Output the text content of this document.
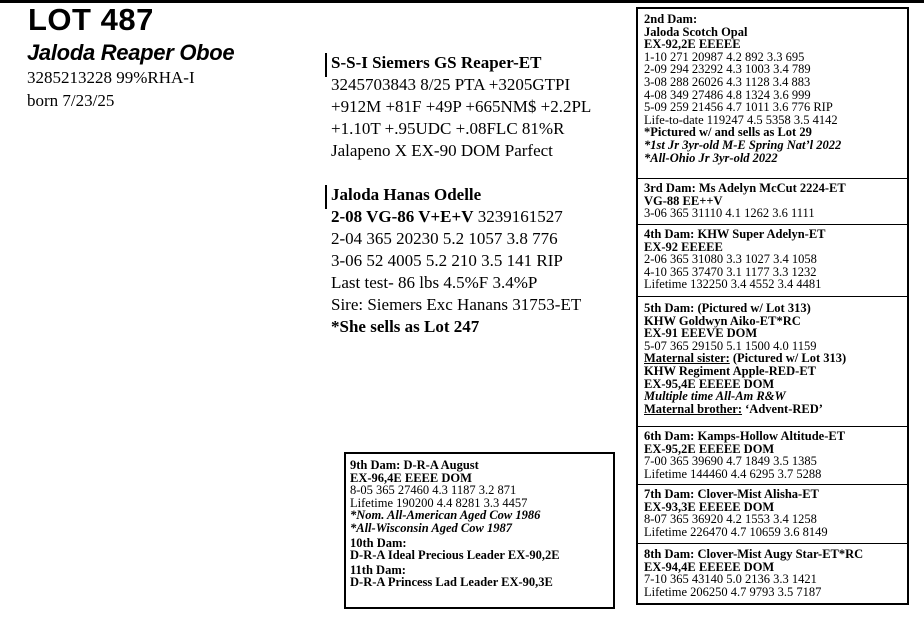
LOT 487
Jaloda Reaper Oboe
3285213228 99%RHA-I
born 7/23/25
S-S-I Siemers GS Reaper-ET
3245703843 8/25 PTA +3205GTPI
+912M +81F +49P +665NM$ +2.2PL
+1.10T +.95UDC +.08FLC 81%R
Jalapeno X EX-90 DOM Parfect
Jaloda Hanas Odelle
2-08 VG-86 V+E+V 3239161527
2-04 365 20230 5.2 1057 3.8 776
3-06 52 4005 5.2 210 3.5 141 RIP
Last test- 86 lbs 4.5%F 3.4%P
Sire: Siemers Exc Hanans 31753-ET
*She sells as Lot 247
2nd Dam:
Jaloda Scotch Opal
EX-92,2E EEEEE
1-10 271 20987 4.2 892 3.3 695
2-09 294 23292 4.3 1003 3.4 789
3-08 288 26026 4.3 1128 3.4 883
4-08 349 27486 4.8 1324 3.6 999
5-09 259 21456 4.7 1011 3.6 776 RIP
Life-to-date 119247 4.5 5358 3.5 4142
*Pictured w/ and sells as Lot 29
*1st Jr 3yr-old M-E Spring Nat’l 2022
*All-Ohio Jr 3yr-old 2022
3rd Dam: Ms Adelyn McCut 2224-ET
VG-88 EE++V
3-06 365 31110 4.1 1262 3.6 1111
4th Dam: KHW Super Adelyn-ET
EX-92 EEEEE
2-06 365 31080 3.3 1027 3.4 1058
4-10 365 37470 3.1 1177 3.3 1232
Lifetime 132250 3.4 4552 3.4 4481
5th Dam: (Pictured w/ Lot 313)
KHW Goldwyn Aiko-ET*RC
EX-91 EEEVE DOM
5-07 365 29150 5.1 1500 4.0 1159
Maternal sister: (Pictured w/ Lot 313)
KHW Regiment Apple-RED-ET
EX-95,4E EEEEE DOM
Multiple time All-Am R&W
Maternal brother: ‘Advent-RED’
6th Dam: Kamps-Hollow Altitude-ET
EX-95,2E EEEEE DOM
7-00 365 39690 4.7 1849 3.5 1385
Lifetime 144460 4.4 6295 3.7 5288
7th Dam: Clover-Mist Alisha-ET
EX-93,3E EEEEE DOM
8-07 365 36920 4.2 1553 3.4 1258
Lifetime 226470 4.7 10659 3.6 8149
8th Dam: Clover-Mist Augy Star-ET*RC
EX-94,4E EEEEE DOM
7-10 365 43140 5.0 2136 3.3 1421
Lifetime 206250 4.7 9793 3.5 7187
9th Dam: D-R-A August
EX-96,4E EEEE DOM
8-05 365 27460 4.3 1187 3.2 871
Lifetime 190200 4.4 8281 3.3 4457
*Nom. All-American Aged Cow 1986
*All-Wisconsin Aged Cow 1987
10th Dam:
D-R-A Ideal Precious Leader EX-90,2E
11th Dam:
D-R-A Princess Lad Leader EX-90,3E
